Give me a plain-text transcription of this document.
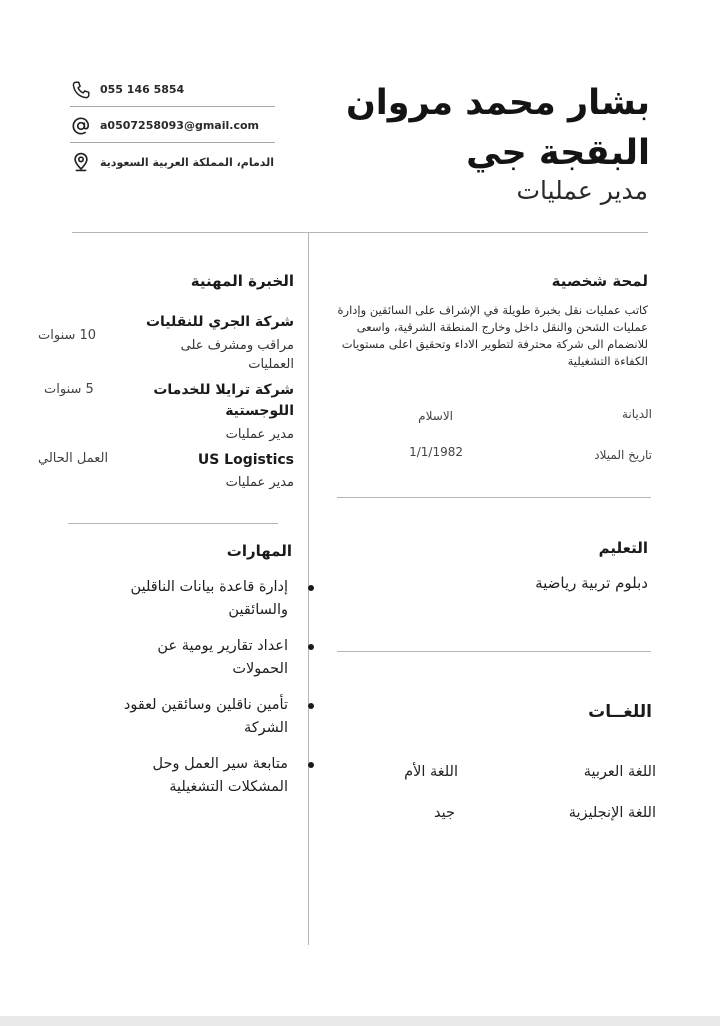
بشار محمد مروان البقجة جي
مدير عمليات
055 146 5854
a0507258093@gmail.com
الدمام، المملكة العربية السعودية
لمحة شخصية
كاتب عمليات نقل بخبرة طويلة في الإشراف على السائقين وإدارة عمليات الشحن والنقل داخل وخارج المنطقة الشرقية، واسعى للانضمام الى شركة محترفة لتطوير الاداء وتحقيق اعلى مستويات الكفاءة التشغيلية
الديانة
الاسلام
تاريخ الميلاد
1/1/1982
الخبرة المهنية
شركة الجري للنقليات
مراقب ومشرف على العمليات
10 سنوات
شركة ترايلا للخدمات اللوجستية
مدير عمليات
5 سنوات
US Logistics
مدير عمليات
العمل الحالي
المهارات
إدارة قاعدة بيانات الناقلين والسائقين
اعداد تقارير يومية عن الحمولات
تأمين ناقلين وسائقين لعقود الشركة
متابعة سير العمل وحل المشكلات التشغيلية
التعليم
دبلوم تربية رياضية
اللغــات
اللغة العربية
اللغة الأم
اللغة الإنجليزية
جيد
